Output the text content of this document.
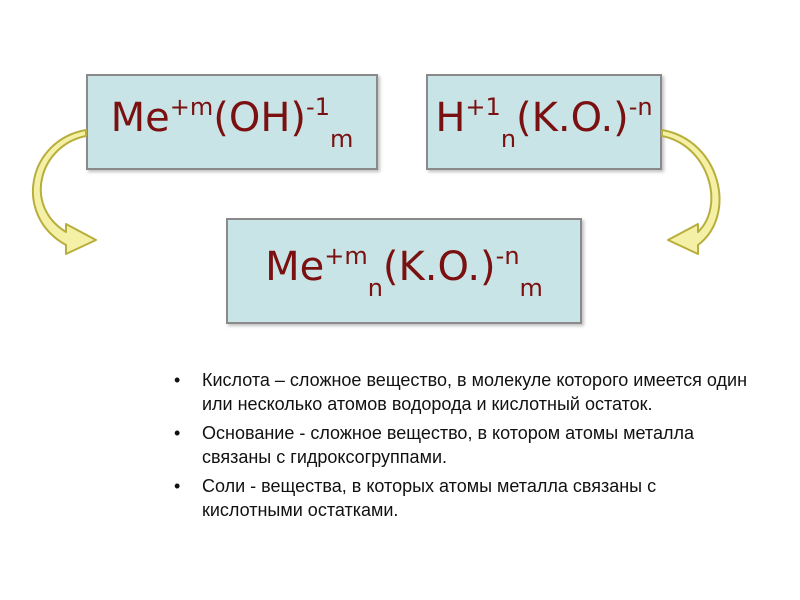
$Me^{+m}(OH)^{-1}_m$ $H^{+1}_n(K.O.)^{-n}$
$Me^{+m}_n(K.O.)^{-n}_m$
• Кислота – сложное вещество, в молекуле которого имеется один или несколько атомов водорода и кислотный остаток.
• Основание - сложное вещество, в котором атомы металла связаны с гидроксогруппами.
• Соли - вещества, в которых атомы металла связаны с кислотными остатками.
